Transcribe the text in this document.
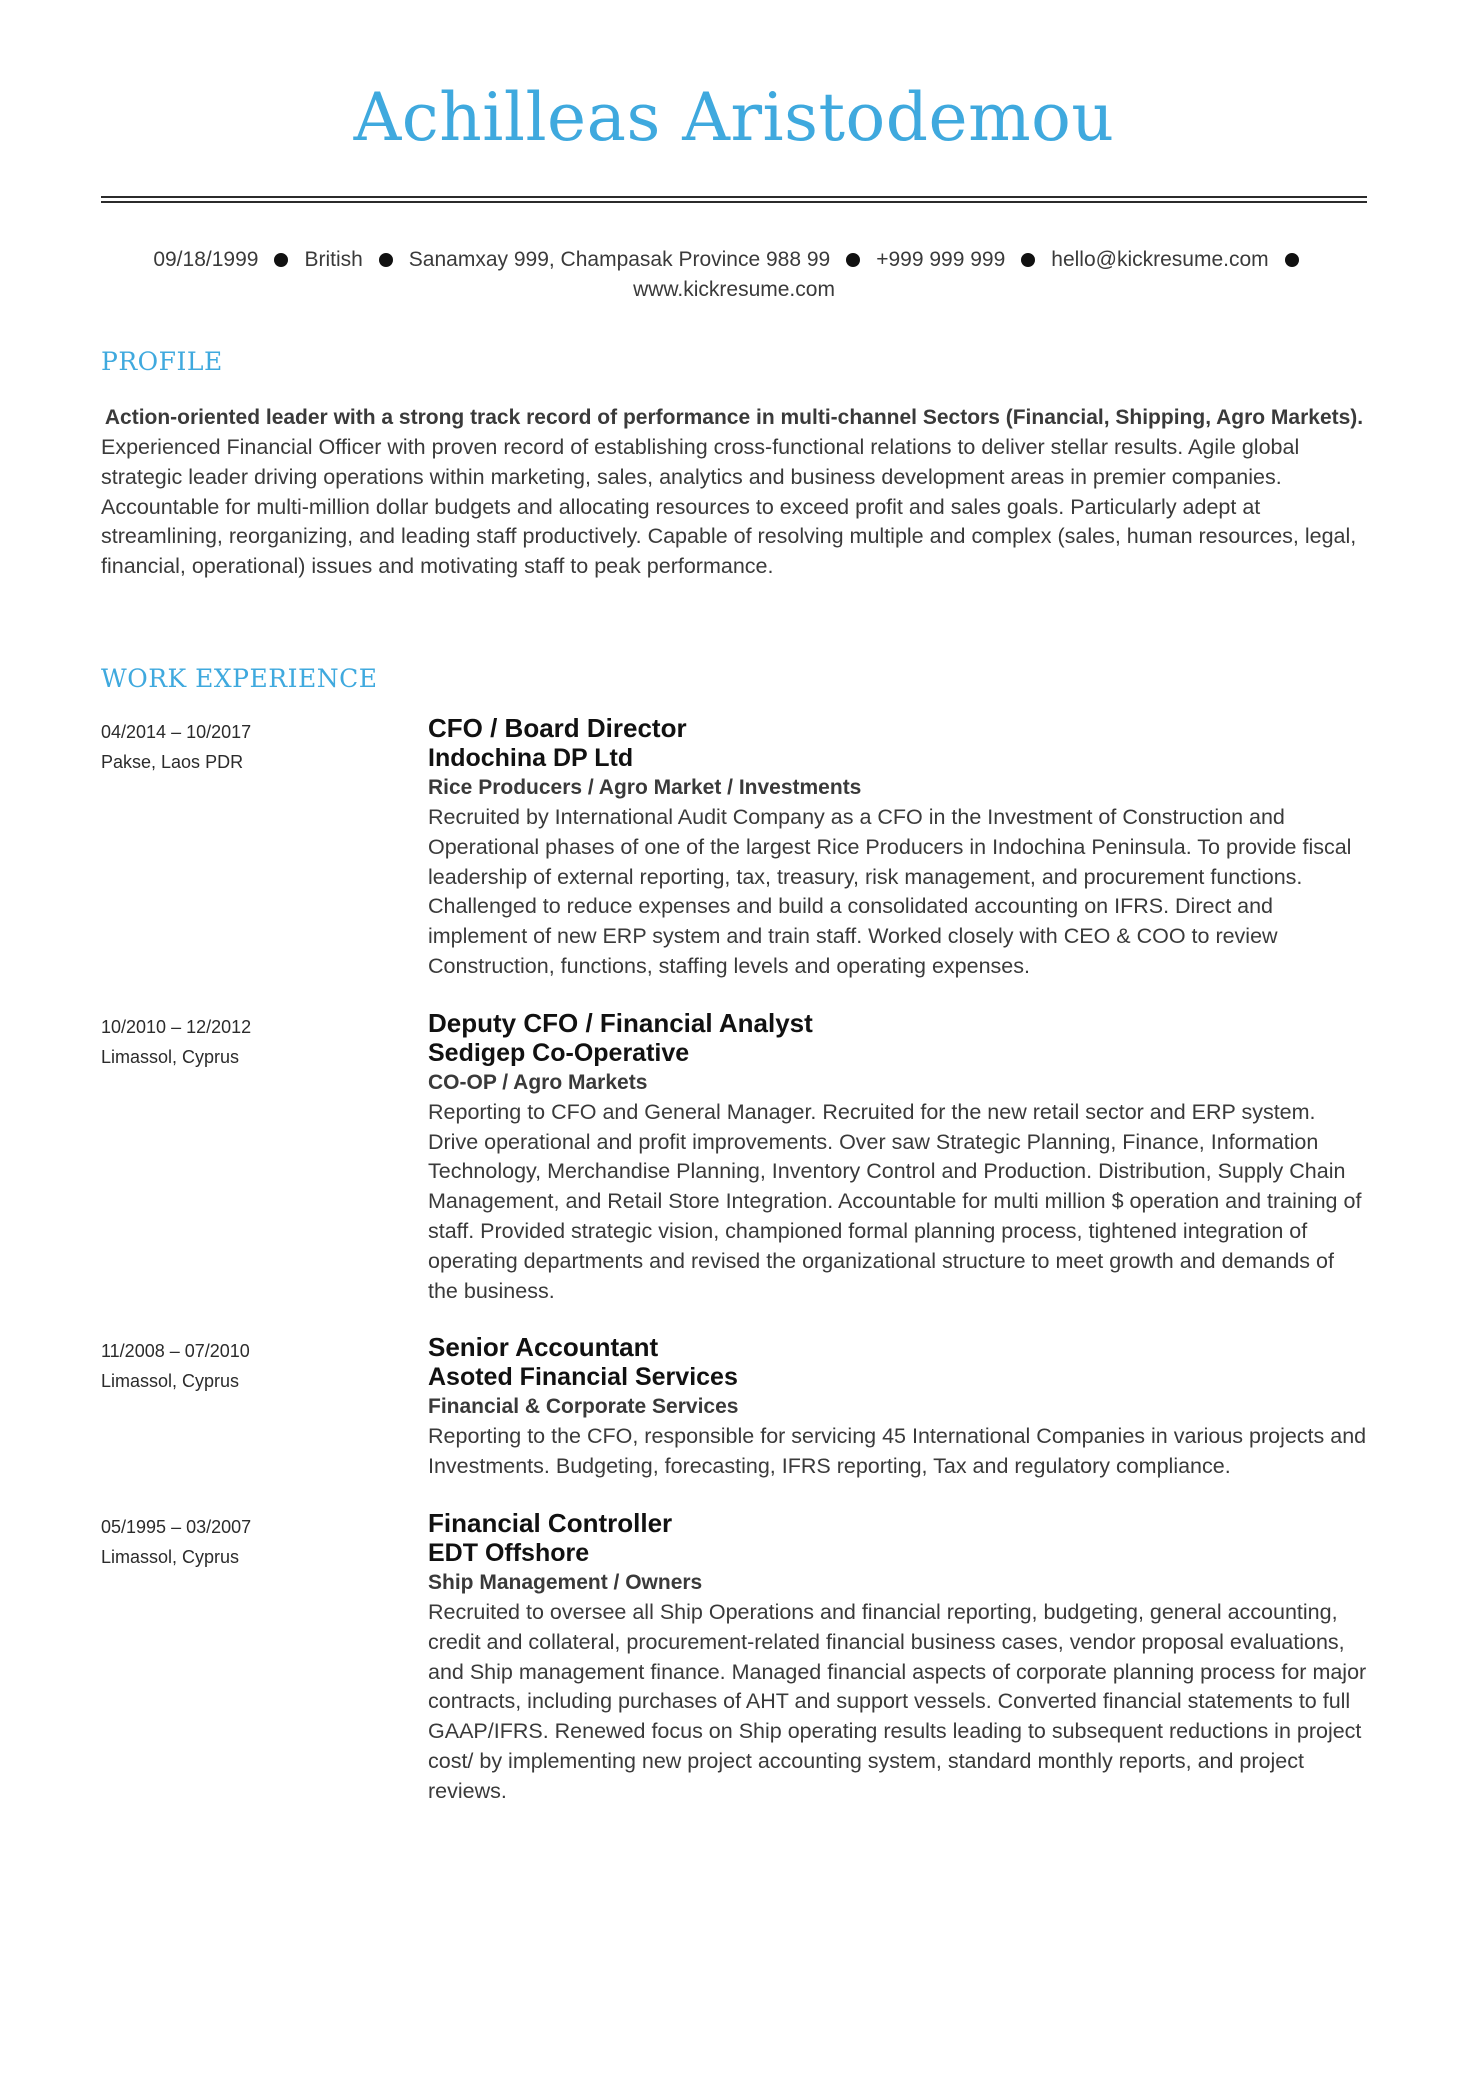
Achilleas Aristodemou
09/18/1999 British Sanamxay 999, Champasak Province 988 99 +999 999 999 hello@kickresume.com
www.kickresume.com
PROFILE
Action-oriented leader with a strong track record of performance in multi-channel Sectors (Financial, Shipping, Agro Markets).
Experienced Financial Officer with proven record of establishing cross-functional relations to deliver stellar results. Agile global strategic leader driving operations within marketing, sales, analytics and business development areas in premier companies. Accountable for multi-million dollar budgets and allocating resources to exceed profit and sales goals. Particularly adept at streamlining, reorganizing, and leading staff productively. Capable of resolving multiple and complex (sales, human resources, legal, financial, operational) issues and motivating staff to peak performance.
WORK EXPERIENCE
04/2014 – 10/2017
Pakse, Laos PDR
CFO / Board Director
Indochina DP Ltd
Rice Producers / Agro Market / Investments
Recruited by International Audit Company as a CFO in the Investment of Construction and Operational phases of one of the largest Rice Producers in Indochina Peninsula. To provide fiscal leadership of external reporting, tax, treasury, risk management, and procurement functions. Challenged to reduce expenses and build a consolidated accounting on IFRS. Direct and implement of new ERP system and train staff. Worked closely with CEO & COO to review Construction, functions, staffing levels and operating expenses.
10/2010 – 12/2012
Limassol, Cyprus
Deputy CFO / Financial Analyst
Sedigep Co-Operative
CO-OP / Agro Markets
Reporting to CFO and General Manager. Recruited for the new retail sector and ERP system. Drive operational and profit improvements. Over saw Strategic Planning, Finance, Information Technology, Merchandise Planning, Inventory Control and Production. Distribution, Supply Chain Management, and Retail Store Integration. Accountable for multi million $ operation and training of staff. Provided strategic vision, championed formal planning process, tightened integration of operating departments and revised the organizational structure to meet growth and demands of the business.
11/2008 – 07/2010
Limassol, Cyprus
Senior Accountant
Asoted Financial Services
Financial & Corporate Services
Reporting to the CFO, responsible for servicing 45 International Companies in various projects and Investments. Budgeting, forecasting, IFRS reporting, Tax and regulatory compliance.
05/1995 – 03/2007
Limassol, Cyprus
Financial Controller
EDT Offshore
Ship Management / Owners
Recruited to oversee all Ship Operations and financial reporting, budgeting, general accounting, credit and collateral, procurement-related financial business cases, vendor proposal evaluations, and Ship management finance. Managed financial aspects of corporate planning process for major contracts, including purchases of AHT and support vessels. Converted financial statements to full GAAP/IFRS. Renewed focus on Ship operating results leading to subsequent reductions in project cost/ by implementing new project accounting system, standard monthly reports, and project reviews.
